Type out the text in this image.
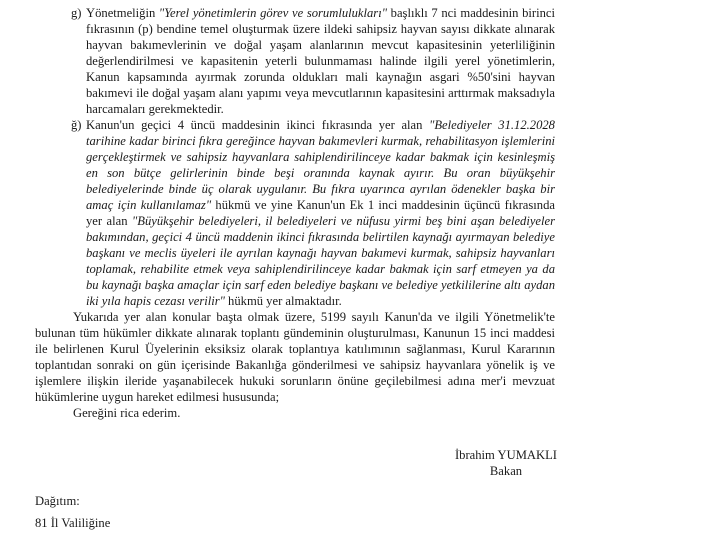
g) Yönetmeliğin "Yerel yönetimlerin görev ve sorumlulukları" başlıklı 7 nci maddesinin birinci fıkrasının (p) bendine temel oluşturmak üzere ildeki sahipsiz hayvan sayısı dikkate alınarak hayvan bakımevlerinin ve doğal yaşam alanlarının mevcut kapasitesinin yeterliliğinin değerlendirilmesi ve kapasitenin yeterli bulunmaması halinde ilgili yerel yönetimlerin, Kanun kapsamında ayırmak zorunda oldukları mali kaynağın asgari %50'sini hayvan bakımevi ile doğal yaşam alanı yapımı veya mevcutlarının kapasitesini arttırmak maksadıyla harcamaları gerekmektedir.
ğ) Kanun'un geçici 4 üncü maddesinin ikinci fıkrasında yer alan "Belediyeler 31.12.2028 tarihine kadar birinci fıkra gereğince hayvan bakımevleri kurmak, rehabilitasyon işlemlerini gerçekleştirmek ve sahipsiz hayvanlara sahiplendirilinceye kadar bakmak için kesinleşmiş en son bütçe gelirlerinin binde beşi oranında kaynak ayırır. Bu oran büyükşehir belediyelerinde binde üç olarak uygulanır. Bu fıkra uyarınca ayrılan ödenekler başka bir amaç için kullanılamaz" hükmü ve yine Kanun'un Ek 1 inci maddesinin üçüncü fıkrasında yer alan "Büyükşehir belediyeleri, il belediyeleri ve nüfusu yirmi beş bini aşan belediyeler bakımından, geçici 4 üncü maddenin ikinci fıkrasında belirtilen kaynağı ayırmayan belediye başkanı ve meclis üyeleri ile ayrılan kaynağı hayvan bakımevi kurmak, sahipsiz hayvanları toplamak, rehabilite etmek veya sahiplendirilinceye kadar bakmak için sarf etmeyen ya da bu kaynağı başka amaçlar için sarf eden belediye başkanı ve belediye yetkililerine altı aydan iki yıla hapis cezası verilir" hükmü yer almaktadır.

Yukarıda yer alan konular başta olmak üzere, 5199 sayılı Kanun'da ve ilgili Yönetmelik'te bulunan tüm hükümler dikkate alınarak toplantı gündeminin oluşturulması, Kanunun 15 inci maddesi ile belirlenen Kurul Üyelerinin eksiksiz olarak toplantıya katılımının sağlanması, Kurul Kararının toplantıdan sonraki on gün içerisinde Bakanlığa gönderilmesi ve sahipsiz hayvanlara yönelik iş ve işlemlere ilişkin ileride yaşanabilecek hukuki sorunların önüne geçilebilmesi adına mer'i mevzuat hükümlerine uygun hareket edilmesi hususunda;

Gereğini rica ederim.

İbrahim YUMAKLI
Bakan
Dağıtım:
81 İl Valiliğine
